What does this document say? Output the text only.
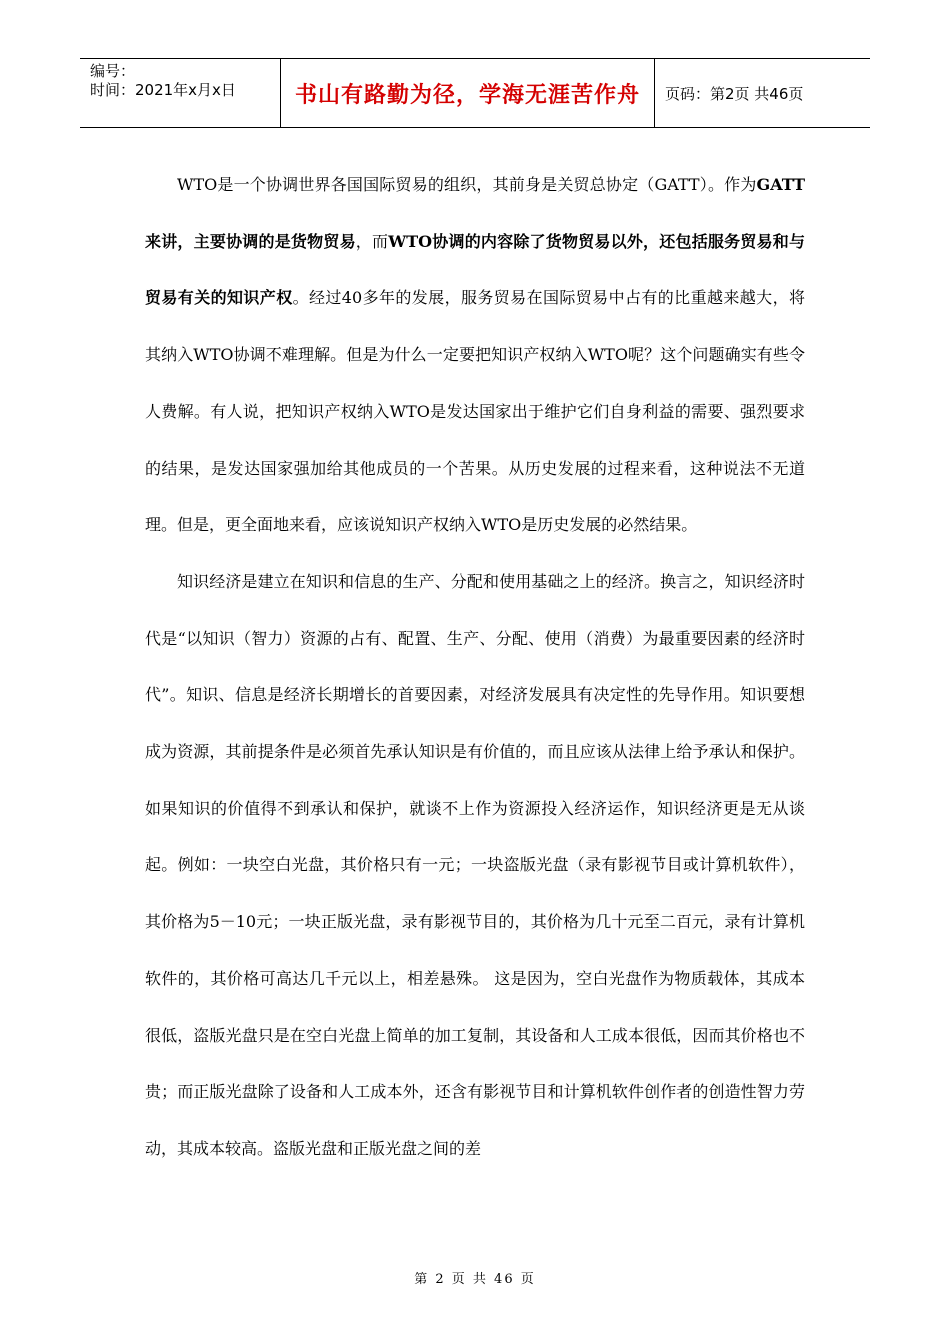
编号：
时间：2021年x月x日	书山有路勤为径，学海无涯苦作舟	页码：第2页 共46页

WTO是一个协调世界各国国际贸易的组织，其前身是关贸总协定（GATT）。作为GATT来讲，主要协调的是货物贸易，而WTO协调的内容除了货物贸易以外，还包括服务贸易和与贸易有关的知识产权。经过40多年的发展，服务贸易在国际贸易中占有的比重越来越大，将其纳入WTO协调不难理解。但是为什么一定要把知识产权纳入WTO呢？这个问题确实有些令人费解。有人说，把知识产权纳入WTO是发达国家出于维护它们自身利益的需要、强烈要求的结果，是发达国家强加给其他成员的一个苦果。从历史发展的过程来看，这种说法不无道理。但是，更全面地来看，应该说知识产权纳入WTO是历史发展的必然结果。

知识经济是建立在知识和信息的生产、分配和使用基础之上的经济。换言之，知识经济时代是“以知识（智力）资源的占有、配置、生产、分配、使用（消费）为最重要因素的经济时代”。知识、信息是经济长期增长的首要因素，对经济发展具有决定性的先导作用。知识要想成为资源，其前提条件是必须首先承认知识是有价值的，而且应该从法律上给予承认和保护。如果知识的价值得不到承认和保护，就谈不上作为资源投入经济运作，知识经济更是无从谈起。例如：一块空白光盘，其价格只有一元；一块盗版光盘（录有影视节目或计算机软件），其价格为5－10元；一块正版光盘，录有影视节目的，其价格为几十元至二百元，录有计算机软件的，其价格可高达几千元以上，相差悬殊。 这是因为，空白光盘作为物质载体，其成本很低，盗版光盘只是在空白光盘上简单的加工复制，其设备和人工成本很低，因而其价格也不贵；而正版光盘除了设备和人工成本外，还含有影视节目和计算机软件创作者的创造性智力劳动，其成本较高。盗版光盘和正版光盘之间的差

第 2 页 共 46 页
